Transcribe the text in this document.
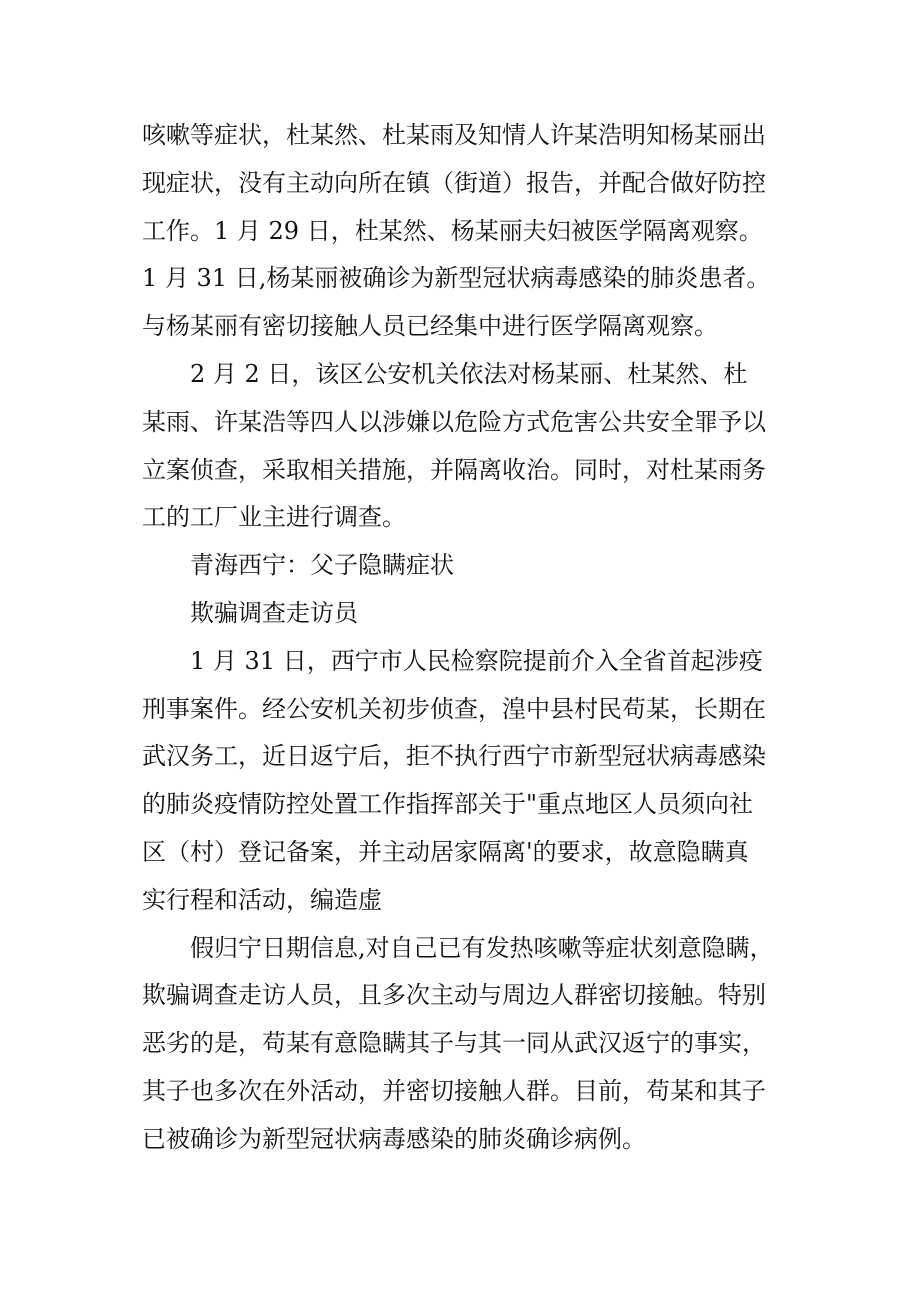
咳嗽等症状，杜某然、杜某雨及知情人许某浩明知杨某丽出
现症状，没有主动向所在镇（街道）报告，并配合做好防控
工作。1 月 29 日，杜某然、杨某丽夫妇被医学隔离观察。
1 月 31 日,杨某丽被确诊为新型冠状病毒感染的肺炎患者。
与杨某丽有密切接触人员已经集中进行医学隔离观察。
2 月 2 日，该区公安机关依法对杨某丽、杜某然、杜
某雨、许某浩等四人以涉嫌以危险方式危害公共安全罪予以
立案侦查，采取相关措施，并隔离收治。同时，对杜某雨务
工的工厂业主进行调查。
青海西宁：父子隐瞒症状
欺骗调查走访员
1 月 31 日，西宁市人民检察院提前介入全省首起涉疫
刑事案件。经公安机关初步侦查，湟中县村民苟某，长期在
武汉务工，近日返宁后，拒不执行西宁市新型冠状病毒感染
的肺炎疫情防控处置工作指挥部关于"重点地区人员须向社
区（村）登记备案，并主动居家隔离'的要求，故意隐瞒真
实行程和活动，编造虚
假归宁日期信息,对自己已有发热咳嗽等症状刻意隐瞒，
欺骗调查走访人员，且多次主动与周边人群密切接触。特别
恶劣的是，苟某有意隐瞒其子与其一同从武汉返宁的事实，
其子也多次在外活动，并密切接触人群。目前，苟某和其子
已被确诊为新型冠状病毒感染的肺炎确诊病例。
